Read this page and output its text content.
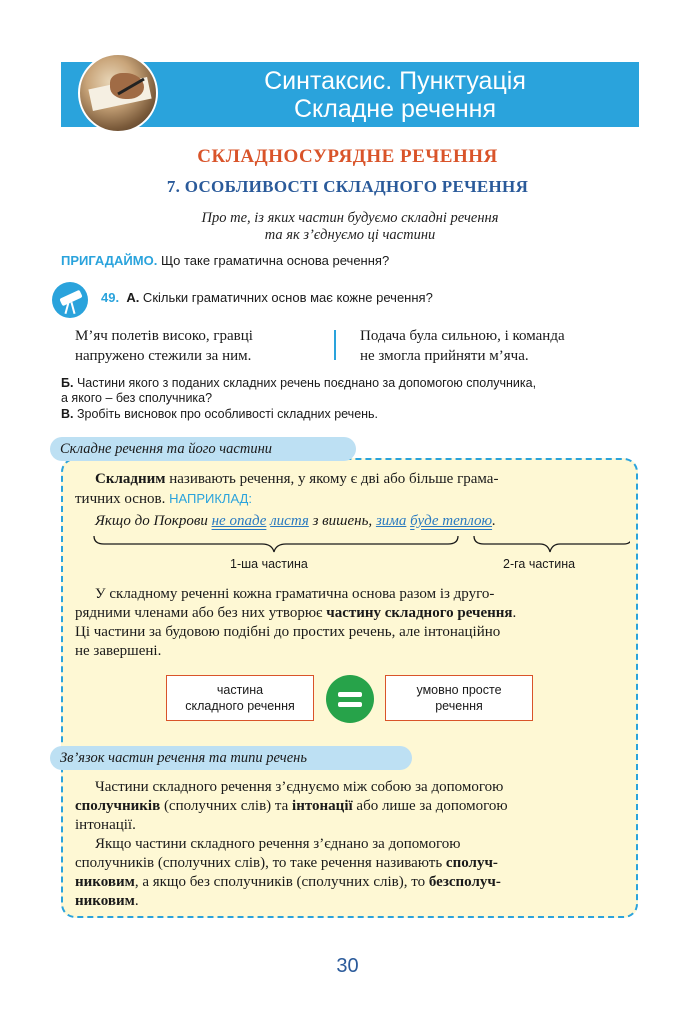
Синтаксис. Пунктуація
Складне речення
СКЛАДНОСУРЯДНЕ РЕЧЕННЯ
7. ОСОБЛИВОСТІ СКЛАДНОГО РЕЧЕННЯ
Про те, із яких частин будуємо складні речення
та як з’єднуємо ці частини
ПРИГАДАЙМО. Що таке граматична основа речення?
49. А. Скільки граматичних основ має кожне речення?
М’яч полетів високо, гравці
напружено стежили за ним.
Подача була сильною, і команда
не змогла прийняти м’яча.
Б. Частини якого з поданих складних речень поєднано за допомогою сполучника,
а якого – без сполучника?
В. Зробіть висновок про особливості складних речень.
Складне речення та його частини
Складним називають речення, у якому є дві або більше грама-
тичних основ. НАПРИКЛАД:
Якщо до Покрови не опаде листя з вишень, зима буде теплою.
1-ша частина	2-га частина
У складному реченні кожна граматична основа разом із друго-
рядними членами або без них утворює частину складного речення.
Ці частини за будовою подібні до простих речень, але інтонаційно
не завершені.
частина
складного речення
умовно просте
речення
Зв’язок частин речення та типи речень
Частини складного речення з’єднуємо між собою за допомогою
сполучників (сполучних слів) та інтонації або лише за допомогою
інтонації.
Якщо частини складного речення з’єднано за допомогою
сполучників (сполучних слів), то таке речення називають сполуч-
никовим, а якщо без сполучників (сполучних слів), то безсполуч-
никовим.
30
